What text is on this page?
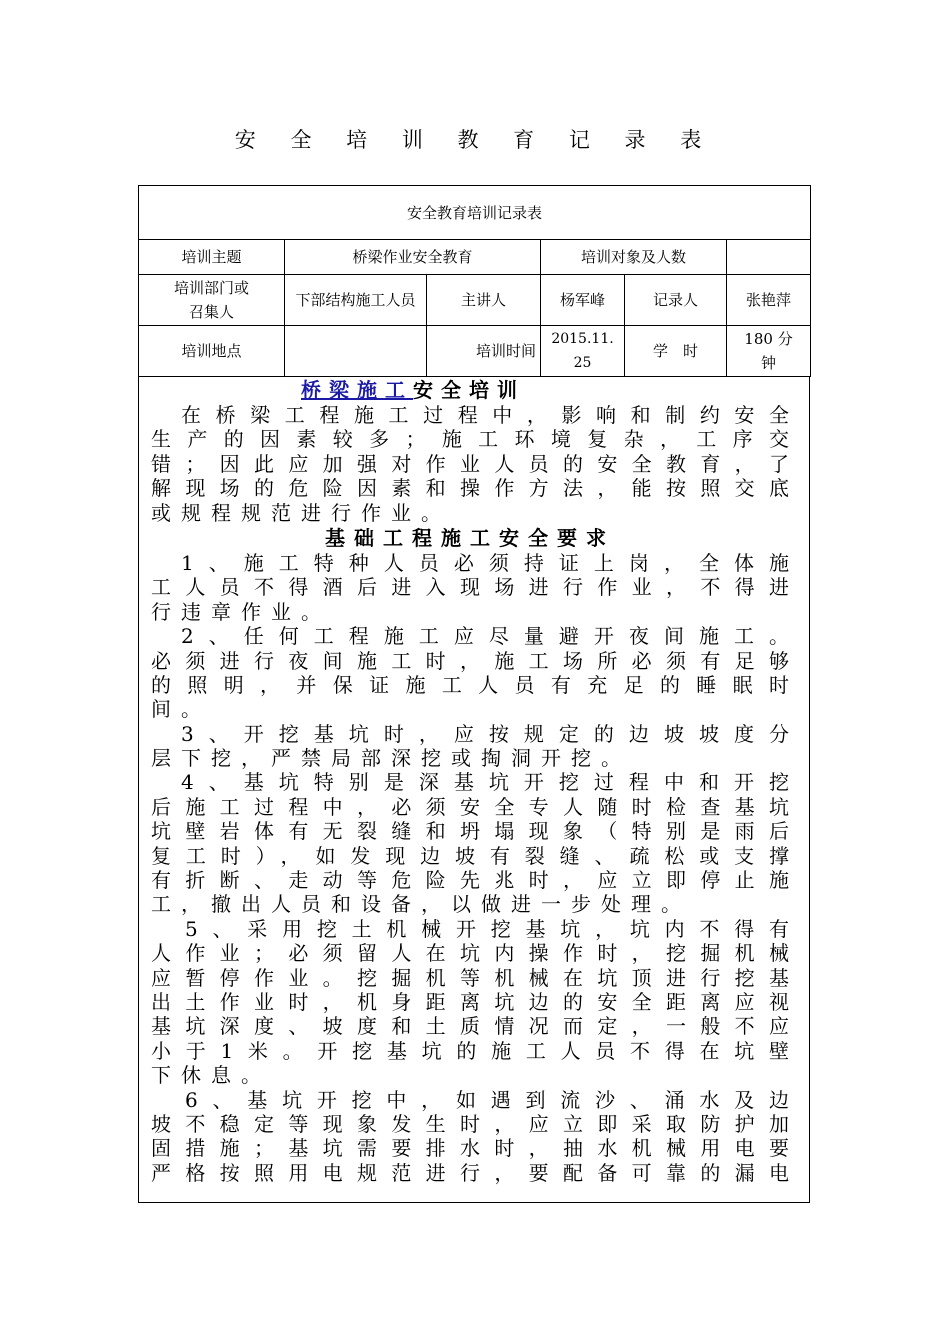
安 全 培 训 教 育 记 录 表
安全教育培训记录表					
培训主题	桥梁作业安全教育		培训对象及人数		
培训部门或召集人	下部结构施工人员	主讲人	杨军峰	记录人	张艳萍
培训地点		培训时间	2015.11.25	学　时	180 分钟
桥梁施工安全培训
在桥梁工程施工过程中，影响和制约安全
生产的因素较多；施工环境复杂，工序交
错；因此应加强对作业人员的安全教育，了
解现场的危险因素和操作方法，能按照交底
或规程规范进行作业。
基础工程施工安全要求
1、施工特种人员必须持证上岗，全体施
工人员不得酒后进入现场进行作业，不得进
行违章作业。
2、任何工程施工应尽量避开夜间施工。
必须进行夜间施工时，施工场所必须有足够
的照明，并保证施工人员有充足的睡眠时
间。
3、开挖基坑时，应按规定的边坡坡度分
层下挖，严禁局部深挖或掏洞开挖。
4、基坑特别是深基坑开挖过程中和开挖
后施工过程中，必须安全专人随时检查基坑
坑壁岩体有无裂缝和坍塌现象（特别是雨后
复工时），如发现边坡有裂缝、疏松或支撑
有折断、走动等危险先兆时，应立即停止施
工，撤出人员和设备，以做进一步处理。
5、采用挖土机械开挖基坑，坑内不得有
人作业；必须留人在坑内操作时，挖掘机械
应暂停作业。挖掘机等机械在坑顶进行挖基
出土作业时，机身距离坑边的安全距离应视
基坑深度、坡度和土质情况而定，一般不应
小于1米。开挖基坑的施工人员不得在坑壁
下休息。
6、基坑开挖中，如遇到流沙、涌水及边
坡不稳定等现象发生时，应立即采取防护加
固措施；基坑需要排水时，抽水机械用电要
严格按照用电规范进行，要配备可靠的漏电
